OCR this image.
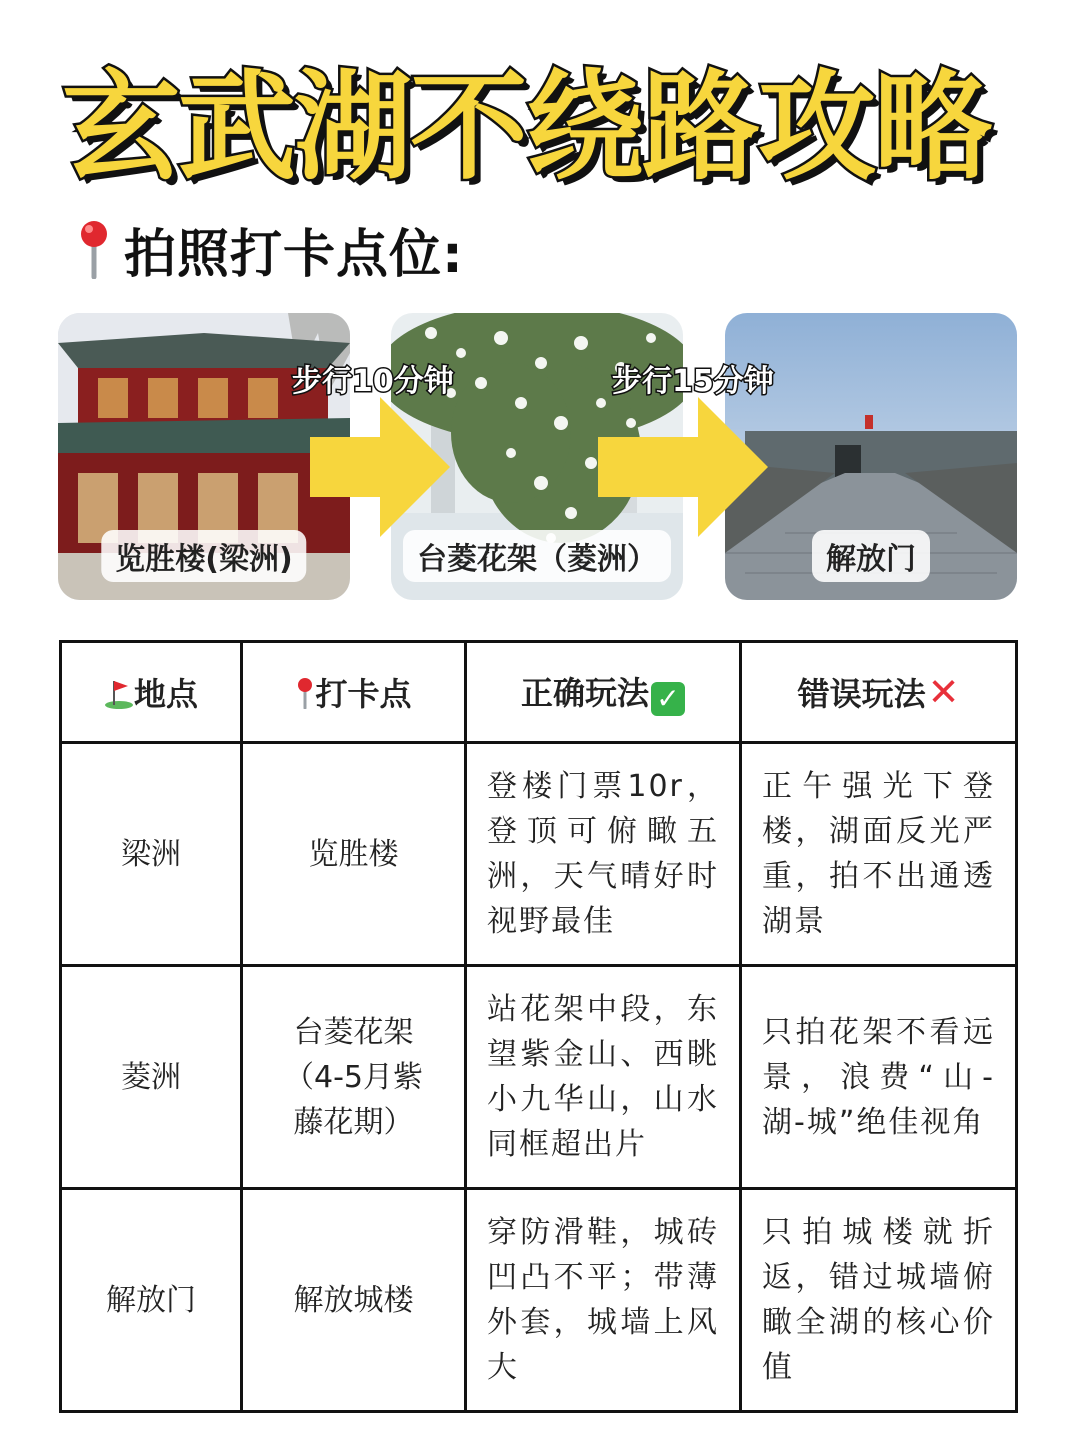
玄武湖不绕路攻略
拍照打卡点位:
览胜楼(梁洲)	台菱花架（菱洲）	解放门
步行10分钟	步行15分钟
地点	打卡点	正确玩法 ✓	错误玩法✕
梁洲	览胜楼	登楼门票10r，登顶可俯瞰五洲，天气晴好时视野最佳	正午强光下登楼，湖面反光严重，拍不出通透湖景
菱洲	台菱花架（4-5月紫藤花期）	站花架中段，东望紫金山、西眺小九华山，山水同框超出片	只拍花架不看远景，浪费“山-湖-城”绝佳视角
解放门	解放城楼	穿防滑鞋，城砖凹凸不平；带薄外套，城墙上风大	只拍城楼就折返，错过城墙俯瞰全湖的核心价值
